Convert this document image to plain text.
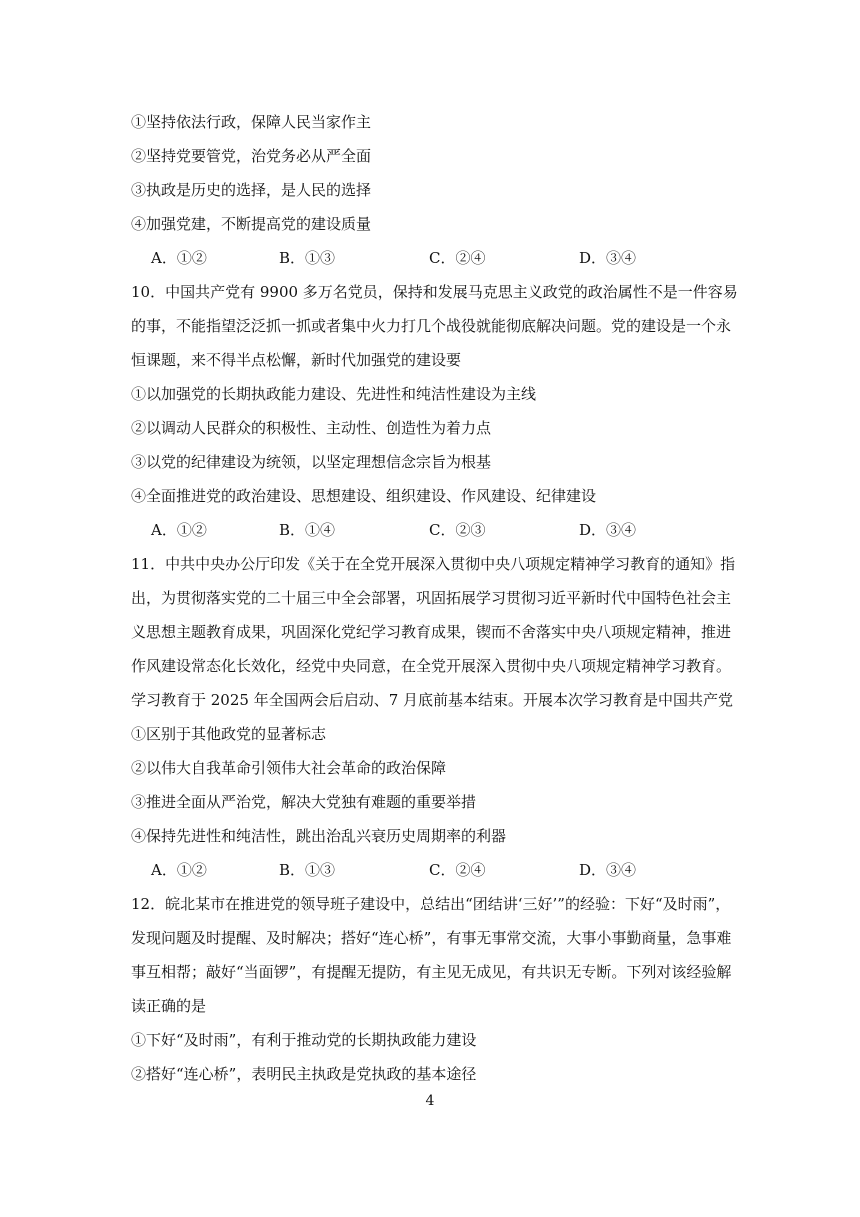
①坚持依法行政，保障人民当家作主
②坚持党要管党，治党务必从严全面
③执政是历史的选择，是人民的选择
④加强党建，不断提高党的建设质量
A．①②	B．①③	C．②④	D．③④
10．中国共产党有 9900 多万名党员，保持和发展马克思主义政党的政治属性不是一件容易
的事，不能指望泛泛抓一抓或者集中火力打几个战役就能彻底解决问题。党的建设是一个永
恒课题，来不得半点松懈，新时代加强党的建设要
①以加强党的长期执政能力建设、先进性和纯洁性建设为主线
②以调动人民群众的积极性、主动性、创造性为着力点
③以党的纪律建设为统领，以坚定理想信念宗旨为根基
④全面推进党的政治建设、思想建设、组织建设、作风建设、纪律建设
A．①②	B．①④	C．②③	D．③④
11．中共中央办公厅印发《关于在全党开展深入贯彻中央八项规定精神学习教育的通知》指
出，为贯彻落实党的二十届三中全会部署，巩固拓展学习贯彻习近平新时代中国特色社会主
义思想主题教育成果，巩固深化党纪学习教育成果，锲而不舍落实中央八项规定精神，推进
作风建设常态化长效化，经党中央同意，在全党开展深入贯彻中央八项规定精神学习教育。
学习教育于 2025 年全国两会后启动、7 月底前基本结束。开展本次学习教育是中国共产党
①区别于其他政党的显著标志
②以伟大自我革命引领伟大社会革命的政治保障
③推进全面从严治党，解决大党独有难题的重要举措
④保持先进性和纯洁性，跳出治乱兴衰历史周期率的利器
A．①②	B．①③	C．②④	D．③④
12．皖北某市在推进党的领导班子建设中，总结出“团结讲‘三好’”的经验：下好“及时雨”，
发现问题及时提醒、及时解决；搭好“连心桥”，有事无事常交流，大事小事勤商量，急事难
事互相帮；敲好“当面锣”，有提醒无提防，有主见无成见，有共识无专断。下列对该经验解
读正确的是
①下好“及时雨”，有利于推动党的长期执政能力建设
②搭好“连心桥”，表明民主执政是党执政的基本途径
4
